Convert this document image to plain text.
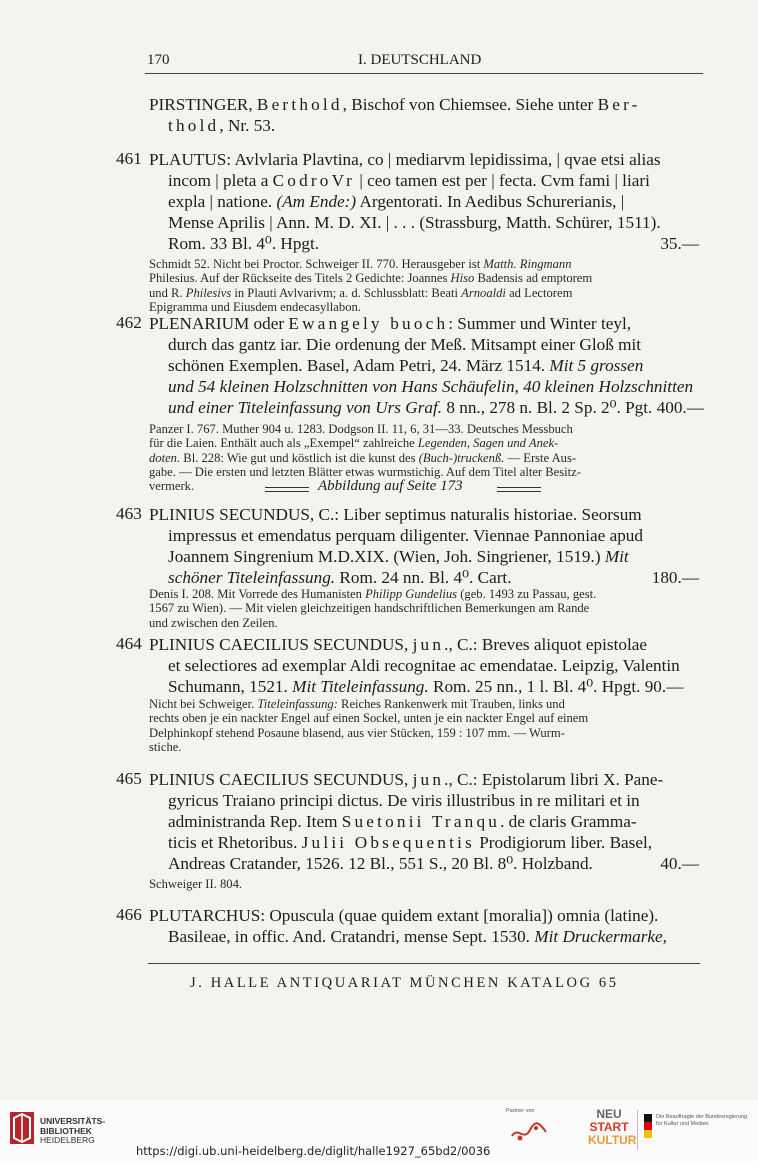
170	I. DEUTSCHLAND
PIRSTINGER, Berthold, Bischof von Chiemsee. Siehe unter Ber-
thold, Nr. 53.
461 PLAUTUS: Avlvlaria Plavtina, co | mediarvm lepidissima, | qvae etsi alias
incom | pleta a CodroVr | ceo tamen est per | fecta. Cvm fami | liari
expla | natione. (Am Ende:) Argentorati. In Aedibus Schurerianis, |
Mense Aprilis | Ann. M. D. XI. | . . . (Strassburg, Matth. Schürer, 1511).
Rom. 33 Bl. 4⁰. Hpgt.	35.—
Schmidt 52. Nicht bei Proctor. Schweiger II. 770. Herausgeber ist Matth. Ringmann
Philesius. Auf der Rückseite des Titels 2 Gedichte: Joannes Hiso Badensis ad emptorem
und R. Philesivs in Plauti Avlvarivm; a. d. Schlussblatt: Beati Arnoaldi ad Lectorem
Epigramma und Eiusdem endecasyllabon.
462 PLENARIUM oder Ewangely buoch: Summer und Winter teyl,
durch das gantz iar. Die ordenung der Meß. Mitsampt einer Gloß mit
schönen Exemplen. Basel, Adam Petri, 24. März 1514. Mit 5 grossen
und 54 kleinen Holzschnitten von Hans Schäufelin, 40 kleinen Holzschnitten
und einer Titeleinfassung von Urs Graf. 8 nn., 278 n. Bl. 2 Sp. 2⁰. Pgt. 400.—
Panzer I. 767. Muther 904 u. 1283. Dodgson II. 11, 6, 31—33. Deutsches Messbuch
für die Laien. Enthält auch als „Exempel“ zahlreiche Legenden, Sagen und Anek-
doten. Bl. 228: Wie gut und köstlich ist die kunst des (Buch-)truckenß. — Erste Aus-
gabe. — Die ersten und letzten Blätter etwas wurmstichig. Auf dem Titel alter Besitz-
vermerk.	Abbildung auf Seite 173
463 PLINIUS SECUNDUS, C.: Liber septimus naturalis historiae. Seorsum
impressus et emendatus perquam diligenter. Viennae Pannoniae apud
Joannem Singrenium M.D.XIX. (Wien, Joh. Singriener, 1519.) Mit
schöner Titeleinfassung. Rom. 24 nn. Bl. 4⁰. Cart.	180.—
Denis I. 208. Mit Vorrede des Humanisten Philipp Gundelius (geb. 1493 zu Passau, gest.
1567 zu Wien). — Mit vielen gleichzeitigen handschriftlichen Bemerkungen am Rande
und zwischen den Zeilen.
464 PLINIUS CAECILIUS SECUNDUS, jun., C.: Breves aliquot epistolae
et selectiores ad exemplar Aldi recognitae ac emendatae. Leipzig, Valentin
Schumann, 1521. Mit Titeleinfassung. Rom. 25 nn., 1 l. Bl. 4⁰. Hpgt. 90.—
Nicht bei Schweiger. Titeleinfassung: Reiches Rankenwerk mit Trauben, links und
rechts oben je ein nackter Engel auf einen Sockel, unten je ein nackter Engel auf einem
Delphinkopf stehend Posaune blasend, aus vier Stücken, 159 : 107 mm. — Wurm-
stiche.
465 PLINIUS CAECILIUS SECUNDUS, jun., C.: Epistolarum libri X. Pane-
gyricus Traiano principi dictus. De viris illustribus in re militari et in
administranda Rep. Item Suetonii Tranqu. de claris Gramma-
ticis et Rhetoribus. Julii Obsequentis Prodigiorum liber. Basel,
Andreas Cratander, 1526. 12 Bl., 551 S., 20 Bl. 8⁰. Holzband.	40.—
Schweiger II. 804.
466 PLUTARCHUS: Opuscula (quae quidem extant [moralia]) omnia (latine).
Basileae, in offic. And. Cratandri, mense Sept. 1530. Mit Druckermarke,
J. HALLE ANTIQUARIAT MÜNCHEN KATALOG 65
UNIVERSITÄTS-
BIBLIOTHEK
HEIDELBERG
Partner von	NEU
START
KULTUR
Die Beauftragte der Bundesregierung für Kultur und Medien
https://digi.ub.uni-heidelberg.de/diglit/halle1927_65bd2/0036
